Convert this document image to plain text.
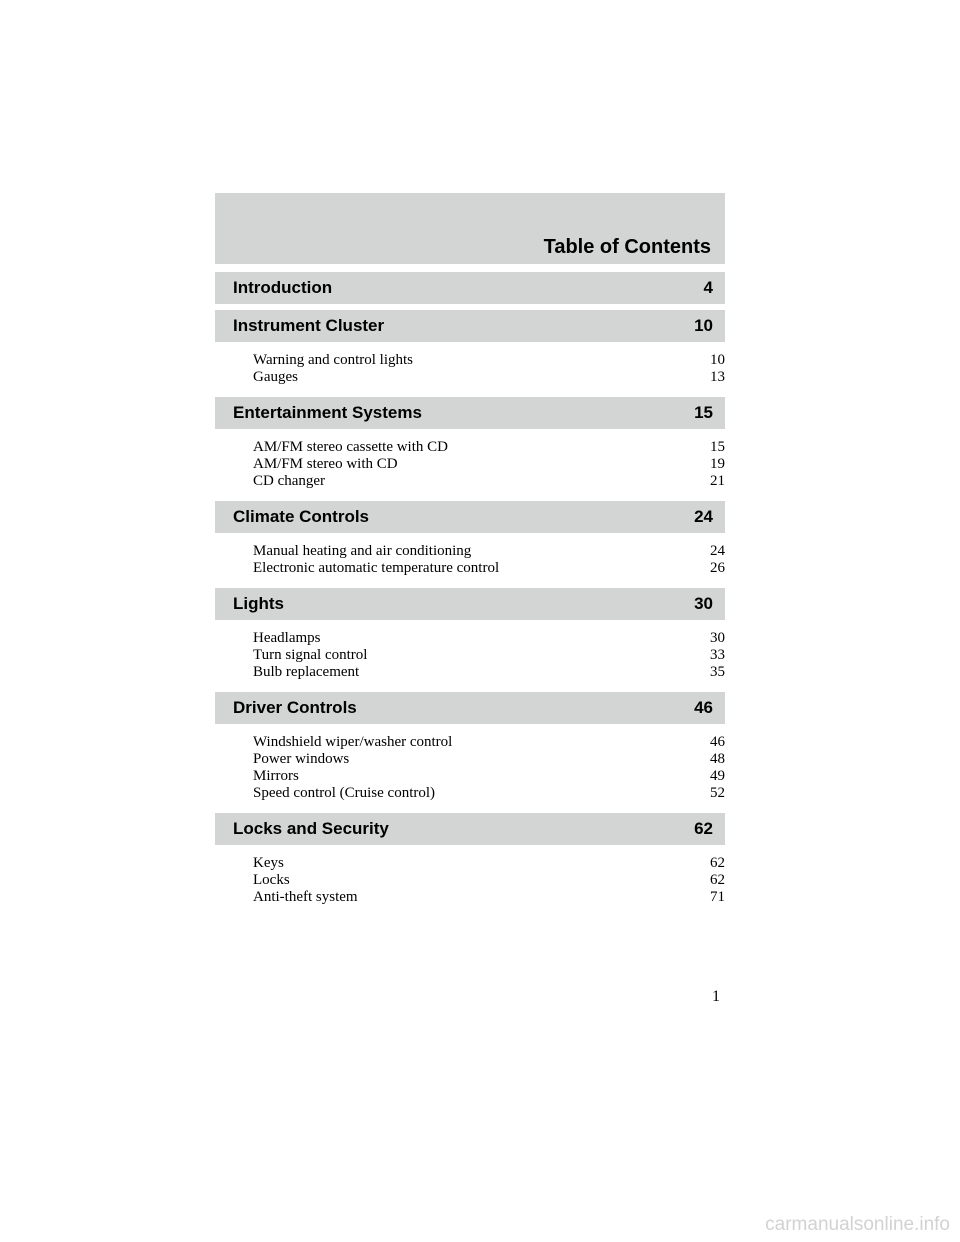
Table of Contents
Introduction	4
Instrument Cluster	10
Warning and control lights	10
Gauges	13
Entertainment Systems	15
AM/FM stereo cassette with CD	15
AM/FM stereo with CD	19
CD changer	21
Climate Controls	24
Manual heating and air conditioning	24
Electronic automatic temperature control	26
Lights	30
Headlamps	30
Turn signal control	33
Bulb replacement	35
Driver Controls	46
Windshield wiper/washer control	46
Power windows	48
Mirrors	49
Speed control (Cruise control)	52
Locks and Security	62
Keys	62
Locks	62
Anti-theft system	71
1
carmanualsonline.info
